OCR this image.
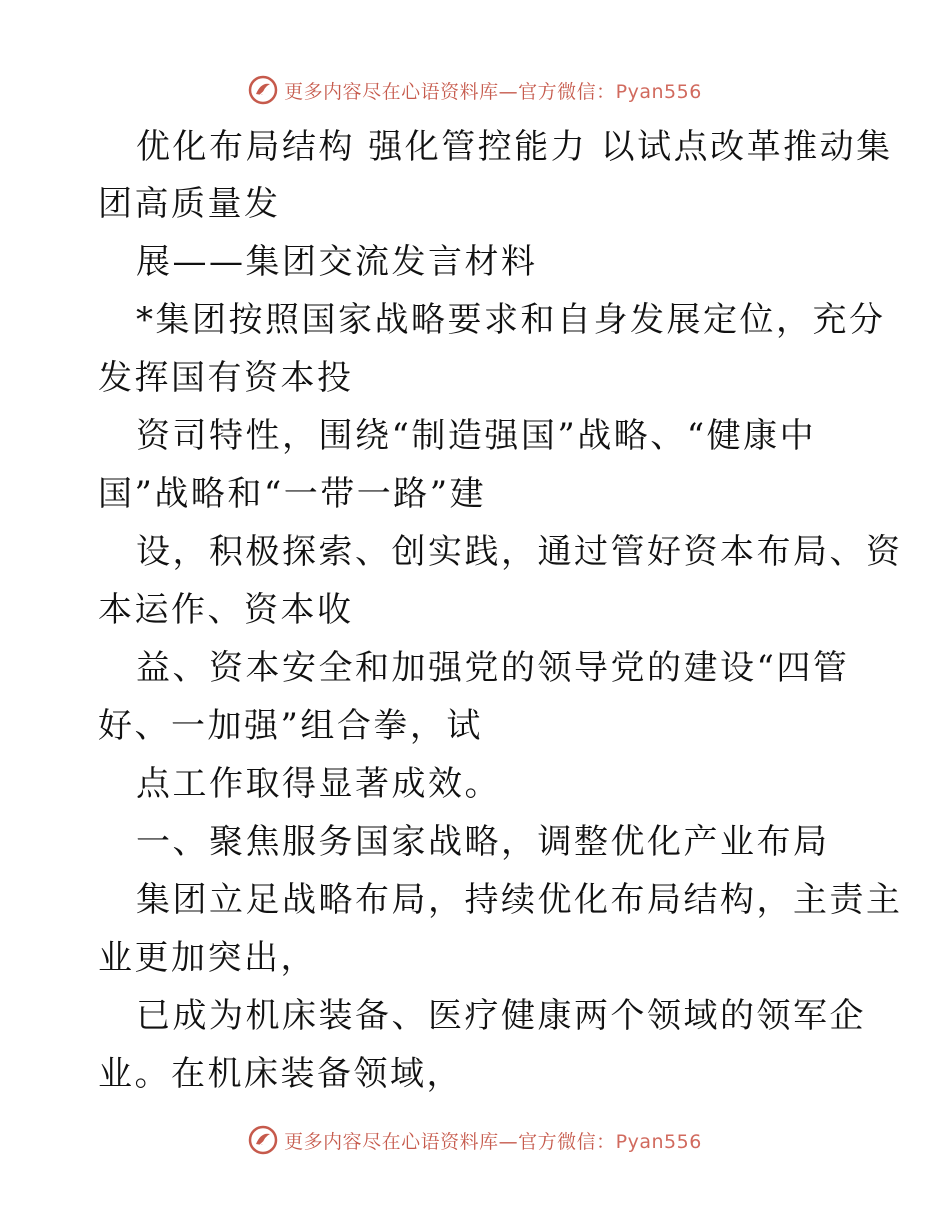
更多内容尽在心语资料库—官方微信：Pyan556
优化布局结构 强化管控能力 以试点改革推动集
团高质量发
展——集团交流发言材料
*集团按照国家战略要求和自身发展定位，充分
发挥国有资本投
资司特性，围绕“制造强国”战略、“健康中
国”战略和“一带一路”建
设，积极探索、创实践，通过管好资本布局、资
本运作、资本收
益、资本安全和加强党的领导党的建设“四管
好、一加强”组合拳，试
点工作取得显著成效。
一、聚焦服务国家战略，调整优化产业布局
集团立足战略布局，持续优化布局结构，主责主
业更加突出，
已成为机床装备、医疗健康两个领域的领军企
业。在机床装备领域，
更多内容尽在心语资料库—官方微信：Pyan556
